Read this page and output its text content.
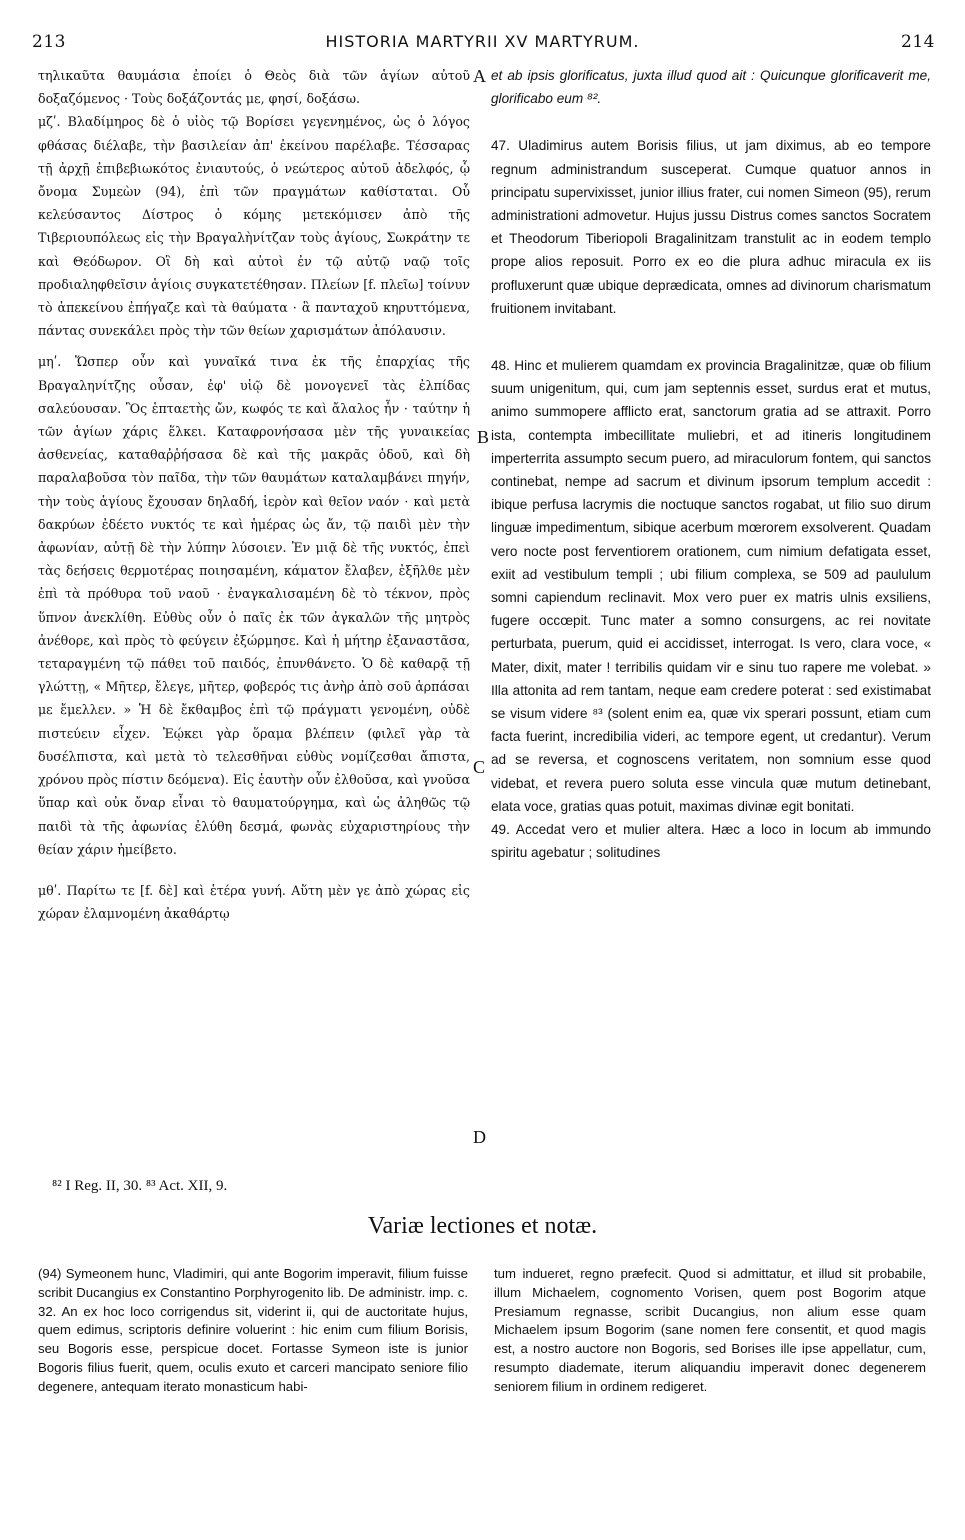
213	HISTORIA MARTYRII XV MARTYRUM.	214

τηλικαῦτα θαυμάσια ἐποίει ὁ Θεὸς διὰ τῶν ἁγίων αὐτοῦ δοξαζόμενος · Τοὺς δοξάζοντάς με, φησί, δοξάσω.

μζʹ. Βλαδίμηρος δὲ ὁ υἱὸς τῷ Βορίσει γεγενημένος, ὡς ὁ λόγος φθάσας διέλαβε, τὴν βασιλείαν ἀπ' ἐκείνου παρέλαβε. Τέσσαρας τῇ ἀρχῇ ἐπιβεβιωκότος ἐνιαυτούς, ὁ νεώτερος αὐτοῦ ἀδελφός, ᾧ ὄνομα Συμεὼν (94), ἐπὶ τῶν πραγμάτων καθίσταται. Οὗ κελεύσαντος Δίστρος ὁ κόμης μετεκόμισεν ἀπὸ τῆς Τιβεριουπόλεως εἰς τὴν Βραγαλὴνίτζαν τοὺς ἁγίους, Σωκράτην τε καὶ Θεόδωρον. Οἳ δὴ καὶ αὐτοὶ ἐν τῷ αὐτῷ ναῷ τοῖς προδιαληφθεῖσιν ἁγίοις συγκατετέθησαν. Πλείων [f. πλεῖω] τοίνυν τὸ ἀπεκείνου ἐπήγαζε καὶ τὰ θαύματα · ἃ πανταχοῦ κηρυττόμενα, πάντας συνεκάλει πρὸς τὴν τῶν θείων χαρισμάτων ἀπόλαυσιν.

μηʹ. Ὥσπερ οὖν καὶ γυναῖκά τινα ἐκ τῆς ἐπαρχίας τῆς Βραγαληνίτζης οὖσαν, ἐφ' υἱῷ δὲ μονογενεῖ τὰς ἐλπίδας σαλεύουσαν. Ὃς ἑπταετὴς ὤν, κωφός τε καὶ ἄλαλος ἦν · ταύτην ἡ τῶν ἁγίων χάρις ἕλκει. Καταφρονήσασα μὲν τῆς γυναικείας ἀσθενείας, καταθαῤῥήσασα δὲ καὶ τῆς μακρᾶς ὁδοῦ, καὶ δὴ παραλαβοῦσα τὸν παῖδα, τὴν τῶν θαυμάτων καταλαμβάνει πηγήν, τὴν τοὺς ἁγίους ἔχουσαν δηλαδή, ἱερὸν καὶ θεῖον ναόν · καὶ μετὰ δακρύων ἐδέετο νυκτός τε καὶ ἡμέρας ὡς ἄν, τῷ παιδὶ μὲν τὴν ἀφωνίαν, αὐτῇ δὲ τὴν λύπην λύσοιεν. Ἐν μιᾷ δὲ τῆς νυκτός, ἐπεὶ τὰς δεήσεις θερμοτέρας ποιησαμένη, κάματον ἔλαβεν, ἐξῆλθε μὲν ἐπὶ τὰ πρόθυρα τοῦ ναοῦ · ἐναγκαλισαμένη δὲ τὸ τέκνον, πρὸς ὕπνον ἀνεκλίθη. Εὐθὺς οὖν ὁ παῖς ἐκ τῶν ἀγκαλῶν τῆς μητρὸς ἀνέθορε, καὶ πρὸς τὸ φεύγειν ἐξώρμησε. Καὶ ἡ μήτηρ ἐξαναστᾶσα, τεταραγμένη τῷ πάθει τοῦ παιδός, ἐπυνθάνετο. Ὁ δὲ καθαρᾷ τῇ γλώττῃ, « Μῆτερ, ἔλεγε, μῆτερ, φοβερός τις ἀνὴρ ἀπὸ σοῦ ἁρπάσαι με ἔμελλεν. » Ἡ δὲ ἔκθαμβος ἐπὶ τῷ πράγματι γενομένη, οὐδὲ πιστεύειν εἶχεν. Ἐῴκει γὰρ ὅραμα βλέπειν (φιλεῖ γὰρ τὰ δυσέλπιστα, καὶ μετὰ τὸ τελεσθῆναι εὐθὺς νομίζεσθαι ἄπιστα, χρόνου πρὸς πίστιν δεόμενα). Εἰς ἑαυτὴν οὖν ἐλθοῦσα, καὶ γνοῦσα ὕπαρ καὶ οὐκ ὄναρ εἶναι τὸ θαυματούργημα, καὶ ὡς ἀληθῶς τῷ παιδὶ τὰ τῆς ἀφωνίας ἐλύθη δεσμά, φωνὰς εὐχαριστηρίους τὴν θείαν χάριν ἠμείβετο.

μθʹ. Παρίτω τε [f. δὲ] καὶ ἑτέρα γυνή. Αὕτη μὲν γε ἀπὸ χώρας εἰς χώραν ἐλαμνομένη ἀκαθάρτῳ

et ab ipsis glorificatus, juxta illud quod ait : Quicunque glorificaverit me, glorificabo eum ⁸².

47. Uladimirus autem Borisis filius, ut jam diximus, ab eo tempore regnum administrandum susceperat. Cumque quatuor annos in principatu supervixisset, junior illius frater, cui nomen Simeon (95), rerum administrationi admovetur. Hujus jussu Distrus comes sanctos Socratem et Theodorum Tiberiopoli Bragalinitzam transtulit ac in eodem templo prope alios reposuit. Porro ex eo die plura adhuc miracula ex iis profluxerunt quæ ubique deprædicata, omnes ad divinorum charismatum fruitionem invitabant.

48. Hinc et mulierem quamdam ex provincia Bragalinitzæ, quæ ob filium suum unigenitum, qui, cum jam septennis esset, surdus erat et mutus, animo summopere afflicto erat, sanctorum gratia ad se attraxit. Porro ista, contempta imbecillitate muliebri, et ad itineris longitudinem imperterrita assumpto secum puero, ad miraculorum fontem, qui sanctos continebat, nempe ad sacrum et divinum ipsorum templum accedit : ibique perfusa lacrymis die noctuque sanctos rogabat, ut filio suo dirum linguæ impedimentum, sibique acerbum mœrorem exsolverent. Quadam vero nocte post ferventiorem orationem, cum nimium defatigata esset, exiit ad vestibulum templi ; ubi filium complexa, se 509 ad paululum somni capiendum reclinavit. Mox vero puer ex matris ulnis exsiliens, fugere occœpit. Tunc mater a somno consurgens, ac rei novitate perturbata, puerum, quid ei accidisset, interrogat. Is vero, clara voce, « Mater, dixit, mater ! terribilis quidam vir e sinu tuo rapere me volebat. » Illa attonita ad rem tantam, neque eam credere poterat : sed existimabat se visum videre ⁸³ (solent enim ea, quæ vix sperari possunt, etiam cum facta fuerint, incredibilia videri, ac tempore egent, ut credantur). Verum ad se reversa, et cognoscens veritatem, non somnium esse quod videbat, et revera puero soluta esse vincula quæ mutum detinebant, elata voce, gratias quas potuit, maximas divinæ egit bonitati.

49. Accedat vero et mulier altera. Hæc a loco in locum ab immundo spiritu agebatur ; solitudines

A
B
C
D
⁸² I Reg. II, 30. ⁸³ Act. XII, 9.
Variæ lectiones et notæ.

(94) Symeonem hunc, Vladimiri, qui ante Bogorim imperavit, filium fuisse scribit Ducangius ex Constantino Porphyrogenito lib. De administr. imp. c. 32. An ex hoc loco corrigendus sit, viderint ii, qui de auctoritate hujus, quem edimus, scriptoris definire voluerint : hic enim cum filium Borisis, seu Bogoris esse, perspicue docet. Fortasse Symeon iste is junior Bogoris filius fuerit, quem, oculis exuto et carceri mancipato seniore filio degenere, antequam iterato monasticum habi-

tum indueret, regno præfecit. Quod si admittatur, et illud sit probabile, illum Michaelem, cognomento Vorisen, quem post Bogorim atque Presiamum regnasse, scribit Ducangius, non alium esse quam Michaelem ipsum Bogorim (sane nomen fere consentit, et quod magis est, a nostro auctore non Bogoris, sed Borises ille ipse appellatur, cum, resumpto diademate, iterum aliquandiu imperavit donec degenerem seniorem filium in ordinem redigeret.
